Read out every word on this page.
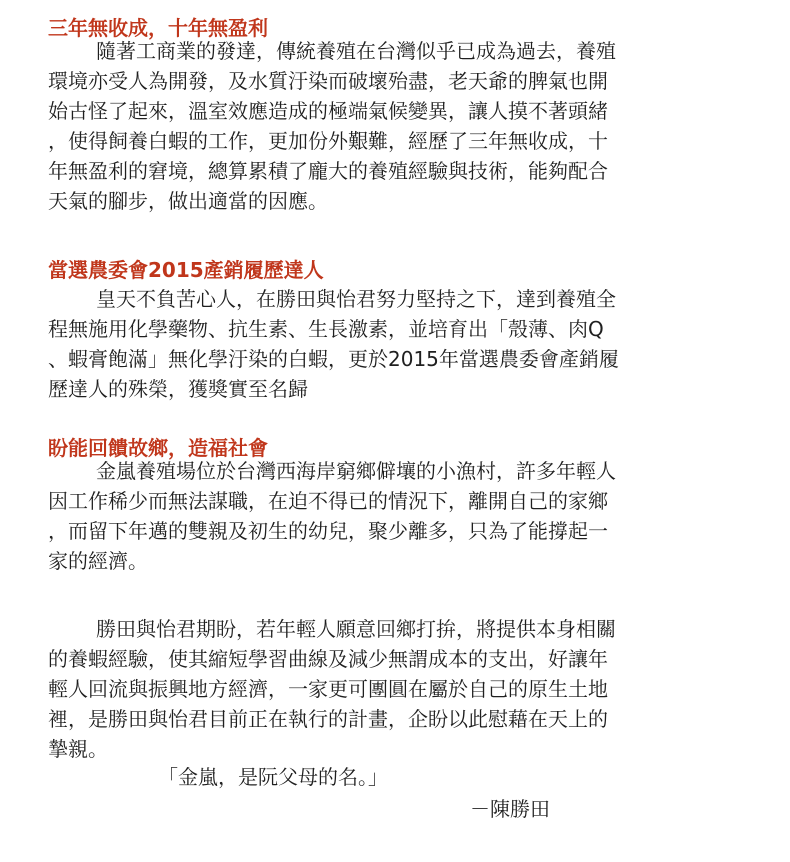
三年無收成，十年無盈利
隨著工商業的發達，傳統養殖在台灣似乎已成為過去，養殖
環境亦受人為開發，及水質汙染而破壞殆盡，老天爺的脾氣也開
始古怪了起來，溫室效應造成的極端氣候變異，讓人摸不著頭緒
，使得飼養白蝦的工作，更加份外艱難，經歷了三年無收成，十
年無盈利的窘境，總算累積了龐大的養殖經驗與技術，能夠配合
天氣的腳步，做出適當的因應。
當選農委會2015產銷履歷達人
皇天不負苦心人，在勝田與怡君努力堅持之下，達到養殖全
程無施用化學藥物、抗生素、生長激素，並培育出「殼薄、肉Q
、蝦膏飽滿」無化學汙染的白蝦，更於2015年當選農委會產銷履
歷達人的殊榮，獲獎實至名歸
盼能回饋故鄉，造福社會
金嵐養殖場位於台灣西海岸窮鄉僻壤的小漁村，許多年輕人
因工作稀少而無法謀職，在迫不得已的情況下，離開自己的家鄉
，而留下年邁的雙親及初生的幼兒，聚少離多，只為了能撐起一
家的經濟。
勝田與怡君期盼，若年輕人願意回鄉打拚，將提供本身相關
的養蝦經驗，使其縮短學習曲線及減少無謂成本的支出，好讓年
輕人回流與振興地方經濟，一家更可團圓在屬於自己的原生土地
裡，是勝田與怡君目前正在執行的計畫，企盼以此慰藉在天上的
摯親。
「金嵐，是阮父母的名。」
－陳勝田
